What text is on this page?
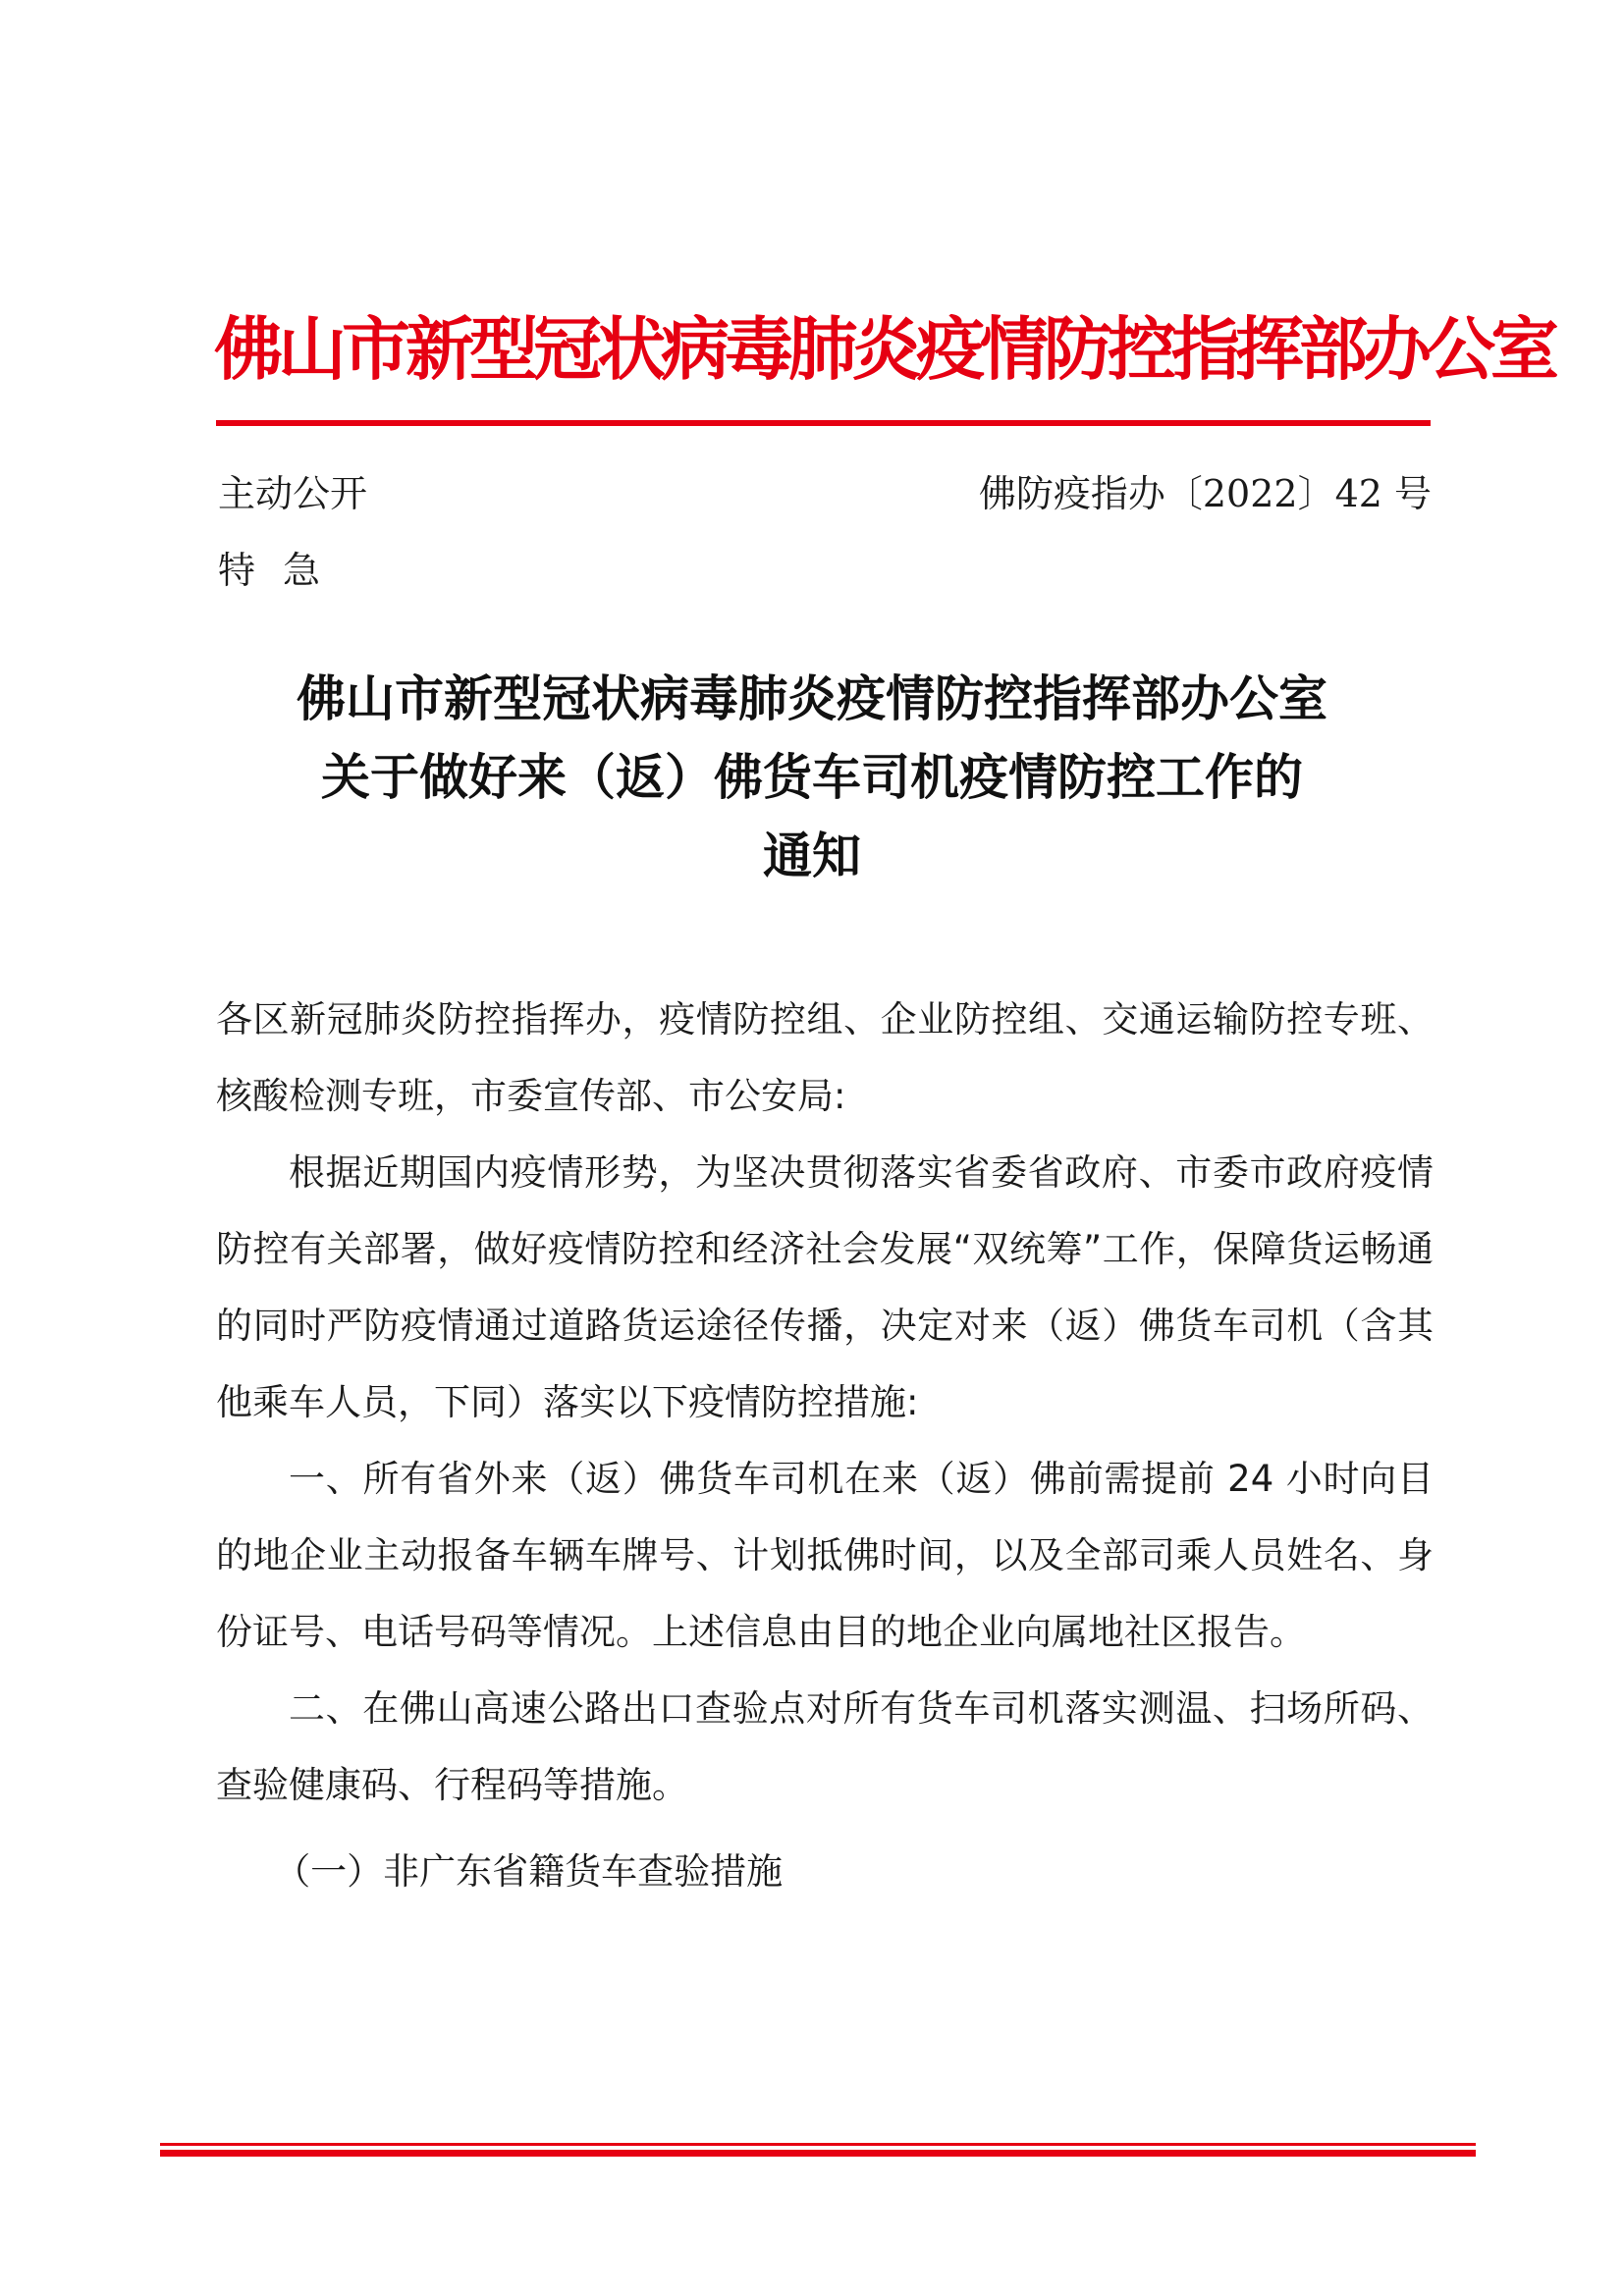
佛山市新型冠状病毒肺炎疫情防控指挥部办公室
主动公开
特急
佛防疫指办〔2022〕42 号
佛山市新型冠状病毒肺炎疫情防控指挥部办公室
关于做好来（返）佛货车司机疫情防控工作的
通知

各区新冠肺炎防控指挥办，疫情防控组、企业防控组、交通运输防控专班、核酸检测专班，市委宣传部、市公安局:

根据近期国内疫情形势，为坚决贯彻落实省委省政府、市委市政府疫情防控有关部署，做好疫情防控和经济社会发展“双统筹”工作，保障货运畅通的同时严防疫情通过道路货运途径传播，决定对来（返）佛货车司机（含其他乘车人员，下同）落实以下疫情防控措施:

一、所有省外来（返）佛货车司机在来（返）佛前需提前 24 小时向目的地企业主动报备车辆车牌号、计划抵佛时间，以及全部司乘人员姓名、身份证号、电话号码等情况。上述信息由目的地企业向属地社区报告。

二、在佛山高速公路出口查验点对所有货车司机落实测温、扫场所码、查验健康码、行程码等措施。

（一）非广东省籍货车查验措施
